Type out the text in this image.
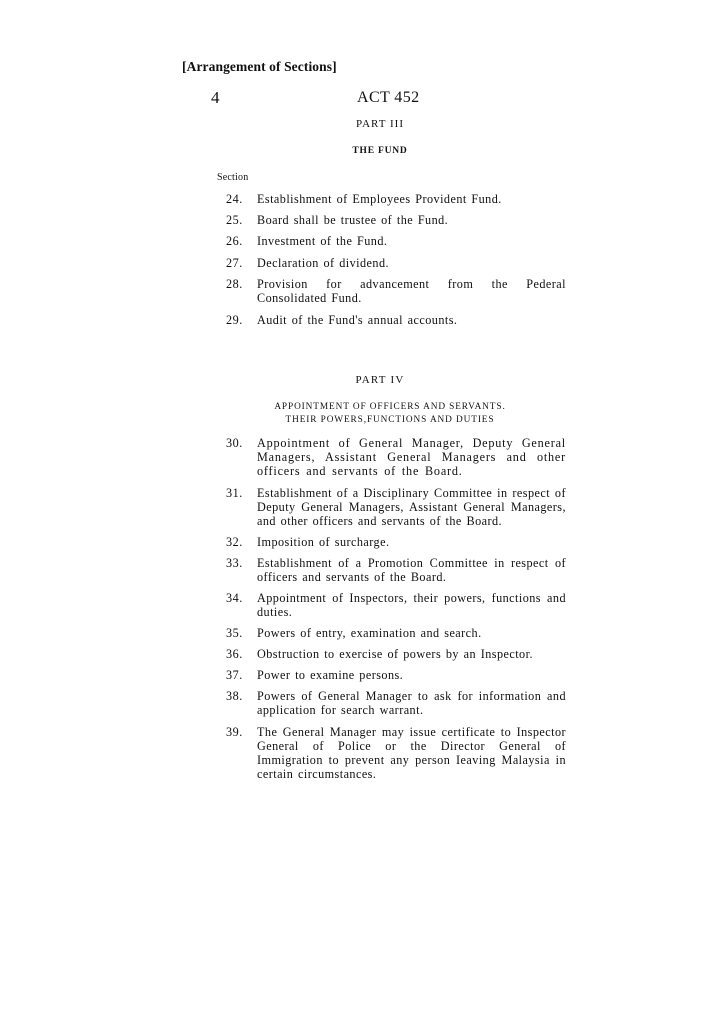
[Arrangement of Sections]
4	ACT 452
PART III
THE FUND
Section
24.	Establishment of Employees Provident Fund.
25.	Board shall be trustee of the Fund.
26.	Investment of the Fund.
27.	Declaration of dividend.
28.	Provision for advancement from the Pederal Consolidated Fund.
29.	Audit of the Fund's annual accounts.
PART IV
APPOINTMENT OF OFFICERS AND SERVANTS.
THEIR POWERS,FUNCTIONS AND DUTIES
30.	Appointment of General Manager, Deputy General Managers, Assistant General Managers and other officers and servants of the Board.
31.	Establishment of a Disciplinary Committee in respect of Deputy General Managers, Assistant General Managers, and other officers and servants of the Board.
32.	Imposition of surcharge.
33.	Establishment of a Promotion Committee in respect of officers and servants of the Board.
34.	Appointment of Inspectors, their powers, functions and duties.
35.	Powers of entry, examination and search.
36.	Obstruction to exercise of powers by an Inspector.
37.	Power to examine persons.
38.	Powers of General Manager to ask for information and application for search warrant.
39.	The General Manager may issue certificate to Inspector General of Police or the Director General of Immigration to prevent any person Ieaving Malaysia in certain circumstances.
